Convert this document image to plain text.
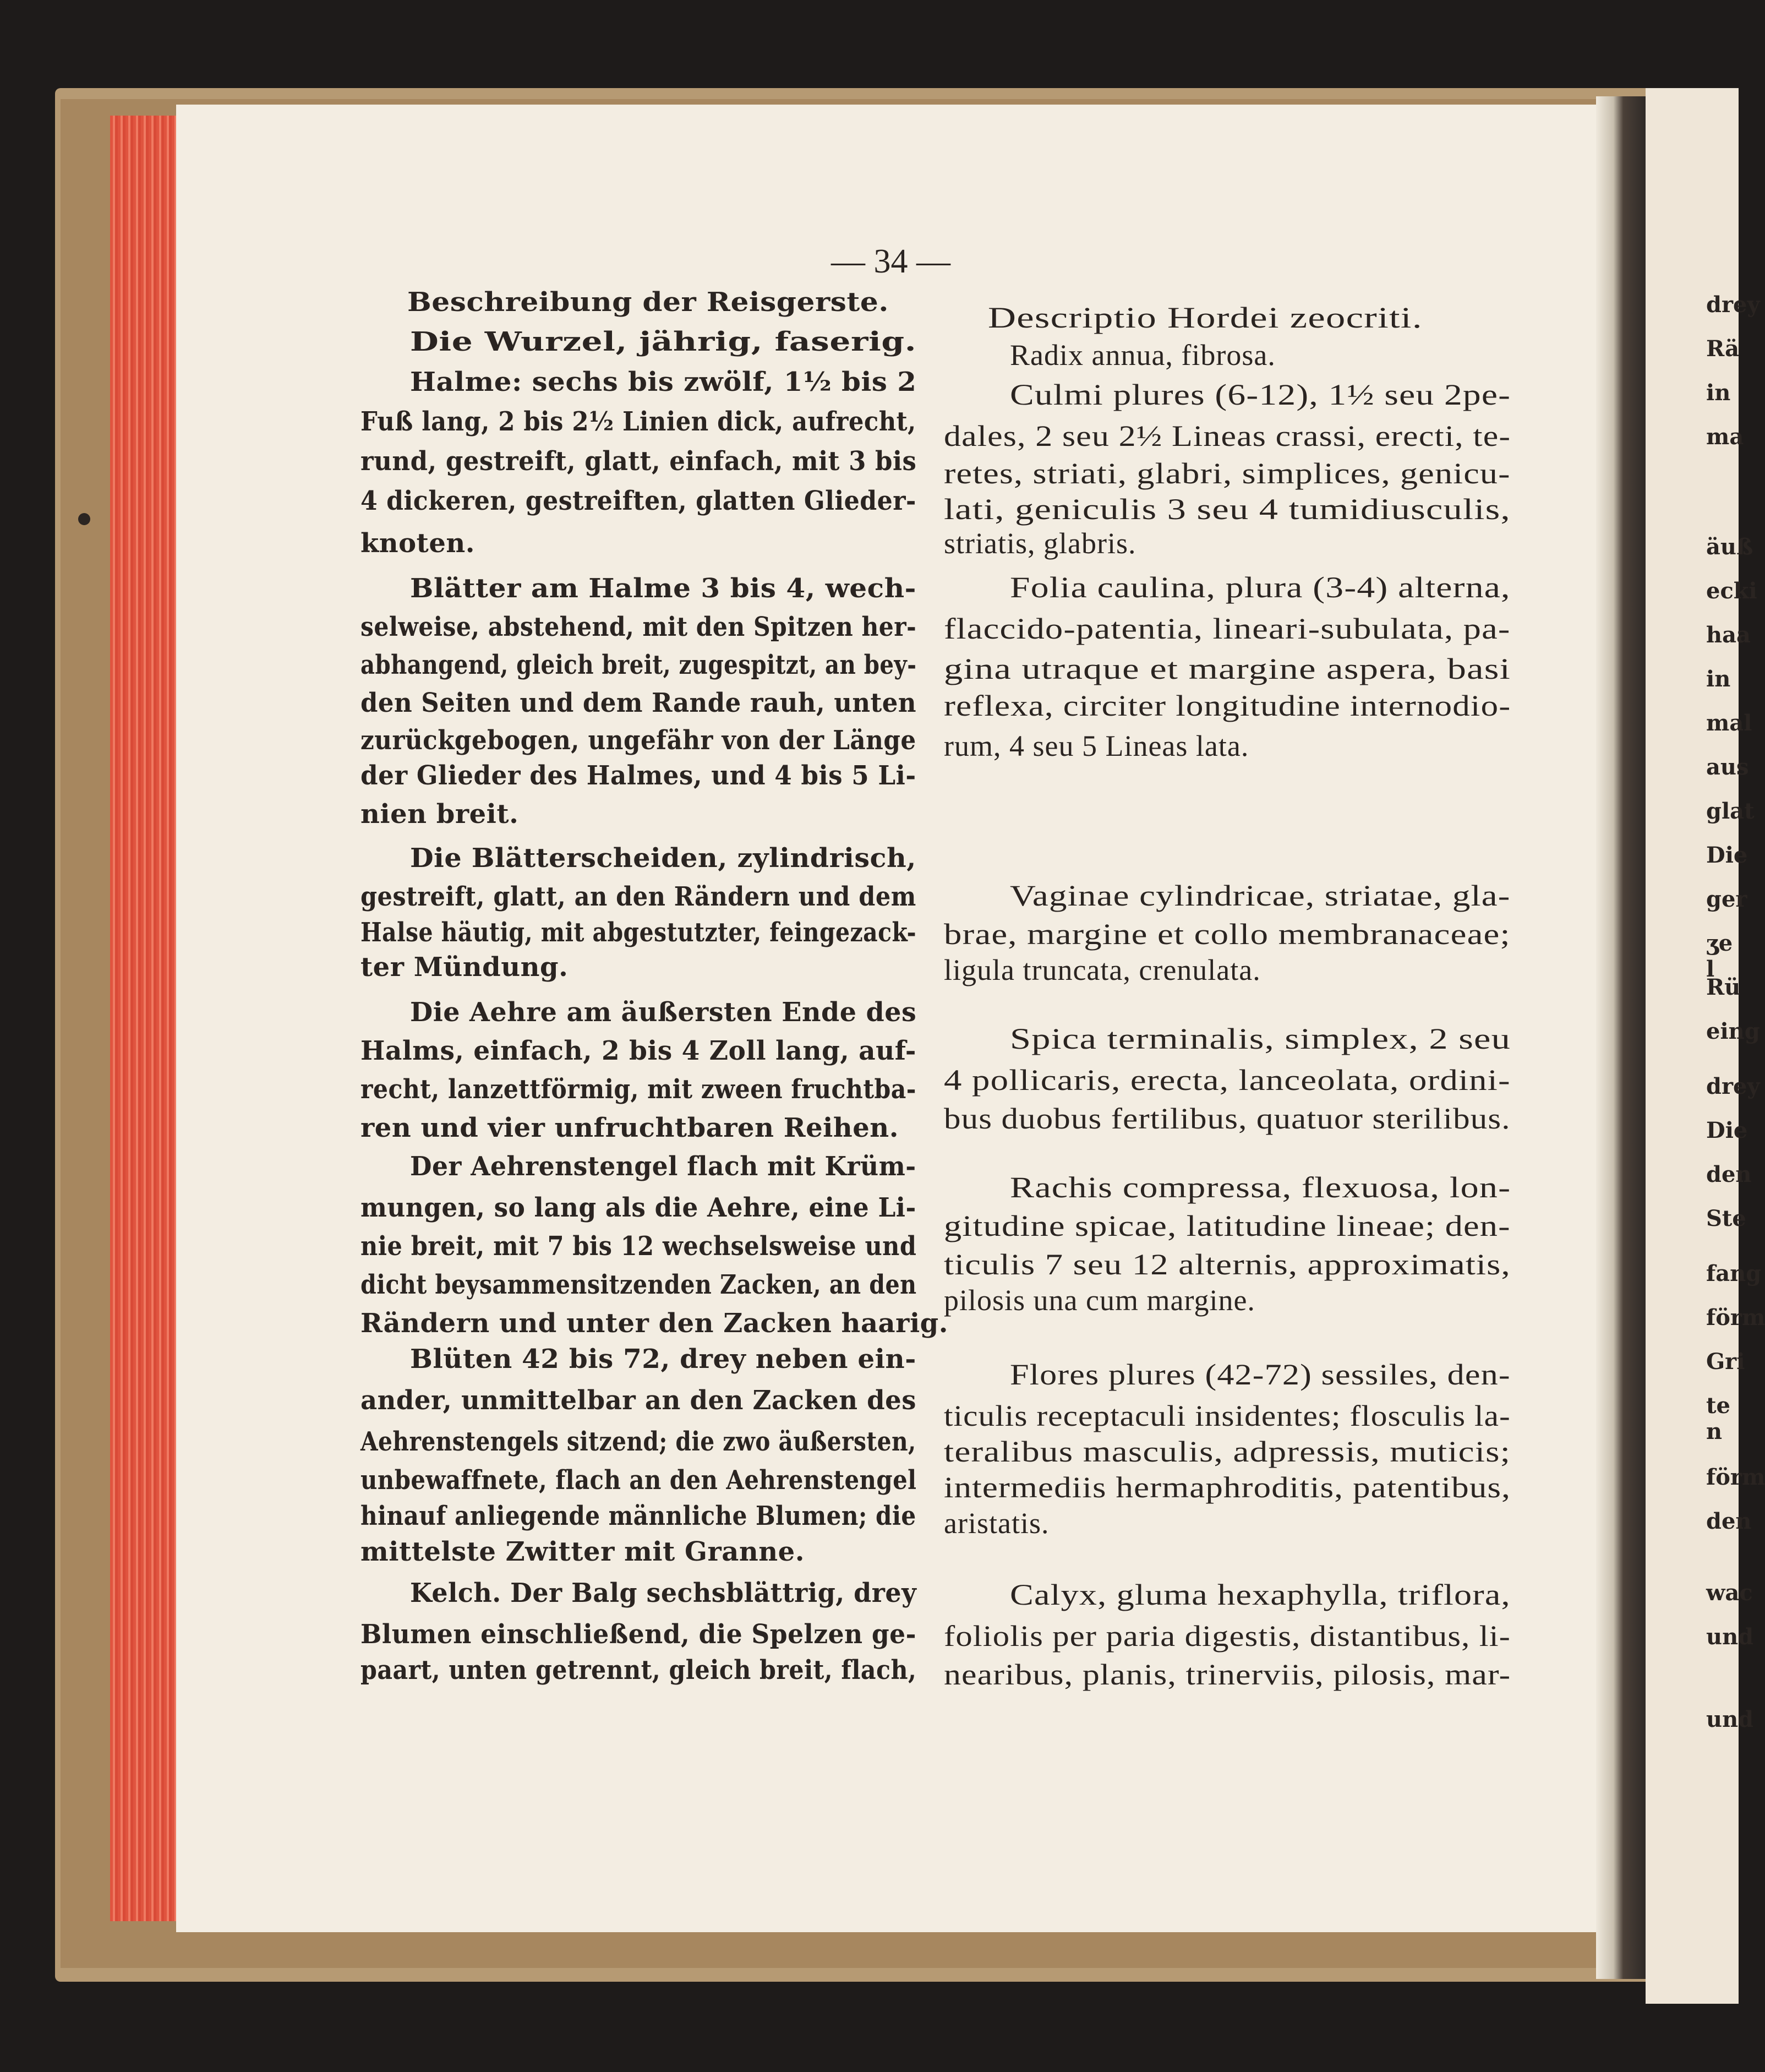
— 34 —
Beschreibung der Reisgerste.
Die Wurzel, jährig, faserig.
Halme: sechs bis zwölf, 1½ bis 2
Fuß lang, 2 bis 2½ Linien dick, aufrecht,
rund, gestreift, glatt, einfach, mit 3 bis
4 dickeren, gestreiften, glatten Glieder-
knoten.
Blätter am Halme 3 bis 4, wech-
selweise, abstehend, mit den Spitzen her-
abhangend, gleich breit, zugespitzt, an bey-
den Seiten und dem Rande rauh, unten
zurückgebogen, ungefähr von der Länge
der Glieder des Halmes, und 4 bis 5 Li-
nien breit.
Die Blätterscheiden, zylindrisch,
gestreift, glatt, an den Rändern und dem
Halse häutig, mit abgestutzter, feingezack-
ter Mündung.
Die Aehre am äußersten Ende des
Halms, einfach, 2 bis 4 Zoll lang, auf-
recht, lanzettförmig, mit zween fruchtba-
ren und vier unfruchtbaren Reihen.
Der Aehrenstengel flach mit Krüm-
mungen, so lang als die Aehre, eine Li-
nie breit, mit 7 bis 12 wechselsweise und
dicht beysammensitzenden Zacken, an den
Rändern und unter den Zacken haarig.
Blüten 42 bis 72, drey neben ein-
ander, unmittelbar an den Zacken des
Aehrenstengels sitzend; die zwo äußersten,
unbewaffnete, flach an den Aehrenstengel
hinauf anliegende männliche Blumen; die
mittelste Zwitter mit Granne.
Kelch. Der Balg sechsblättrig, drey
Blumen einschließend, die Spelzen ge-
paart, unten getrennt, gleich breit, flach,
Descriptio Hordei zeocriti.
Radix annua, fibrosa.
Culmi plures (6-12), 1½ seu 2pe-
dales, 2 seu 2½ Lineas crassi, erecti, te-
retes, striati, glabri, simplices, genicu-
lati, geniculis 3 seu 4 tumidiusculis,
striatis, glabris.
Folia caulina, plura (3-4) alterna,
flaccido-patentia, lineari-subulata, pa-
gina utraque et margine aspera, basi
reflexa, circiter longitudine internodio-
rum, 4 seu 5 Lineas lata.
Vaginae cylindricae, striatae, gla-
brae, margine et collo membranaceae;
ligula truncata, crenulata.
Spica terminalis, simplex, 2 seu
4 pollicaris, erecta, lanceolata, ordini-
bus duobus fertilibus, quatuor sterilibus.
Rachis compressa, flexuosa, lon-
gitudine spicae, latitudine lineae; den-
ticulis 7 seu 12 alternis, approximatis,
pilosis una cum margine.
Flores plures (42-72) sessiles, den-
ticulis receptaculi insidentes; flosculis la-
teralibus masculis, adpressis, muticis;
intermediis hermaphroditis, patentibus,
aristatis.
Calyx, gluma hexaphylla, triflora,
foliolis per paria digestis, distantibus, li-
nearibus, planis, trinerviis, pilosis, mar-
drey
Rä
in
ma
äuß
ecki
haa
in
mal
aus
glat
Die
ger
ʒe l
Rü
eing
drey
Die
den
Ste
fang
förm
Gri
te n
förm
den
wac
und
und
